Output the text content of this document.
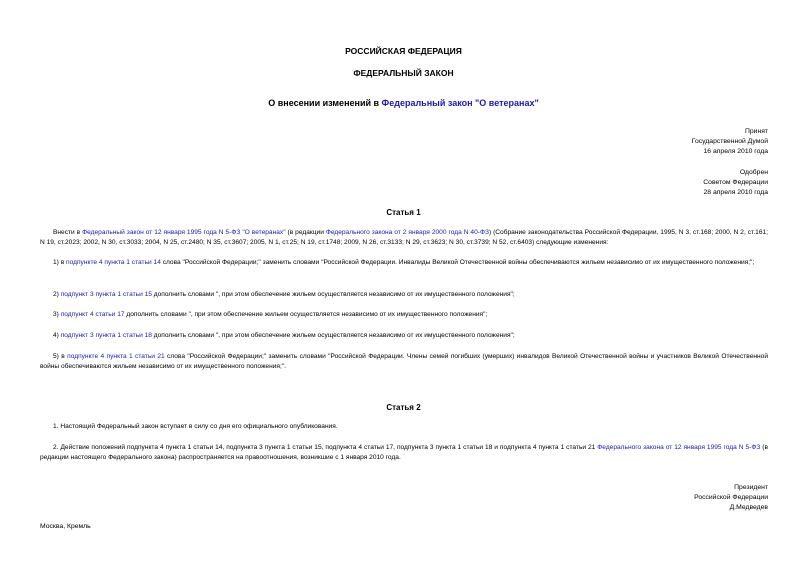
РОССИЙСКАЯ ФЕДЕРАЦИЯ
ФЕДЕРАЛЬНЫЙ ЗАКОН
О внесении изменений в Федеральный закон "О ветеранах"
Принят
Государственной Думой
16 апреля 2010 года
Одобрен
Советом Федерации
28 апреля 2010 года
Статья 1
Внести в Федеральный закон от 12 января 1995 года N 5-ФЗ "О ветеранах" (в редакции Федерального закона от 2 января 2000 года N 40-ФЗ) (Собрание законодательства Российской Федерации, 1995, N 3, ст.168; 2000, N 2, ст.161; N 19, ст.2023; 2002, N 30, ст.3033; 2004, N 25, ст.2480; N 35, ст.3607; 2005, N 1, ст.25; N 19, ст.1748; 2009, N 26, ст.3133; N 29, ст.3623; N 30, ст.3739; N 52, ст.6403) следующие изменения:
1) в подпункте 4 пункта 1 статьи 14 слова "Российской Федерации;" заменить словами "Российской Федерации. Инвалиды Великой Отечественной войны обеспечиваются жильем независимо от их имущественного положения;";
2) подпункт 3 пункта 1 статьи 15 дополнить словами ", при этом обеспечение жильем осуществляется независимо от их имущественного положения";
3) подпункт 4 статьи 17 дополнить словами ", при этом обеспечение жильем осуществляется независимо от их имущественного положения";
4) подпункт 3 пункта 1 статьи 18 дополнить словами ", при этом обеспечение жильем осуществляется независимо от их имущественного положения";
5) в подпункте 4 пункта 1 статьи 21 слова "Российской Федерации;" заменить словами "Российской Федерации. Члены семей погибших (умерших) инвалидов Великой Отечественной войны и участников Великой Отечественной войны обеспечиваются жильем независимо от их имущественного положения;".
Статья 2
1. Настоящий Федеральный закон вступает в силу со дня его официального опубликования.
2. Действие положений подпункта 4 пункта 1 статьи 14, подпункта 3 пункта 1 статьи 15, подпункта 4 статьи 17, подпункта 3 пункта 1 статьи 18 и подпункта 4 пункта 1 статьи 21 Федерального закона от 12 января 1995 года N 5-ФЗ (в редакции настоящего Федерального закона) распространяется на правоотношения, возникшие с 1 января 2010 года.
Президент
Российской Федерации
Д.Медведев
Москва, Кремль
